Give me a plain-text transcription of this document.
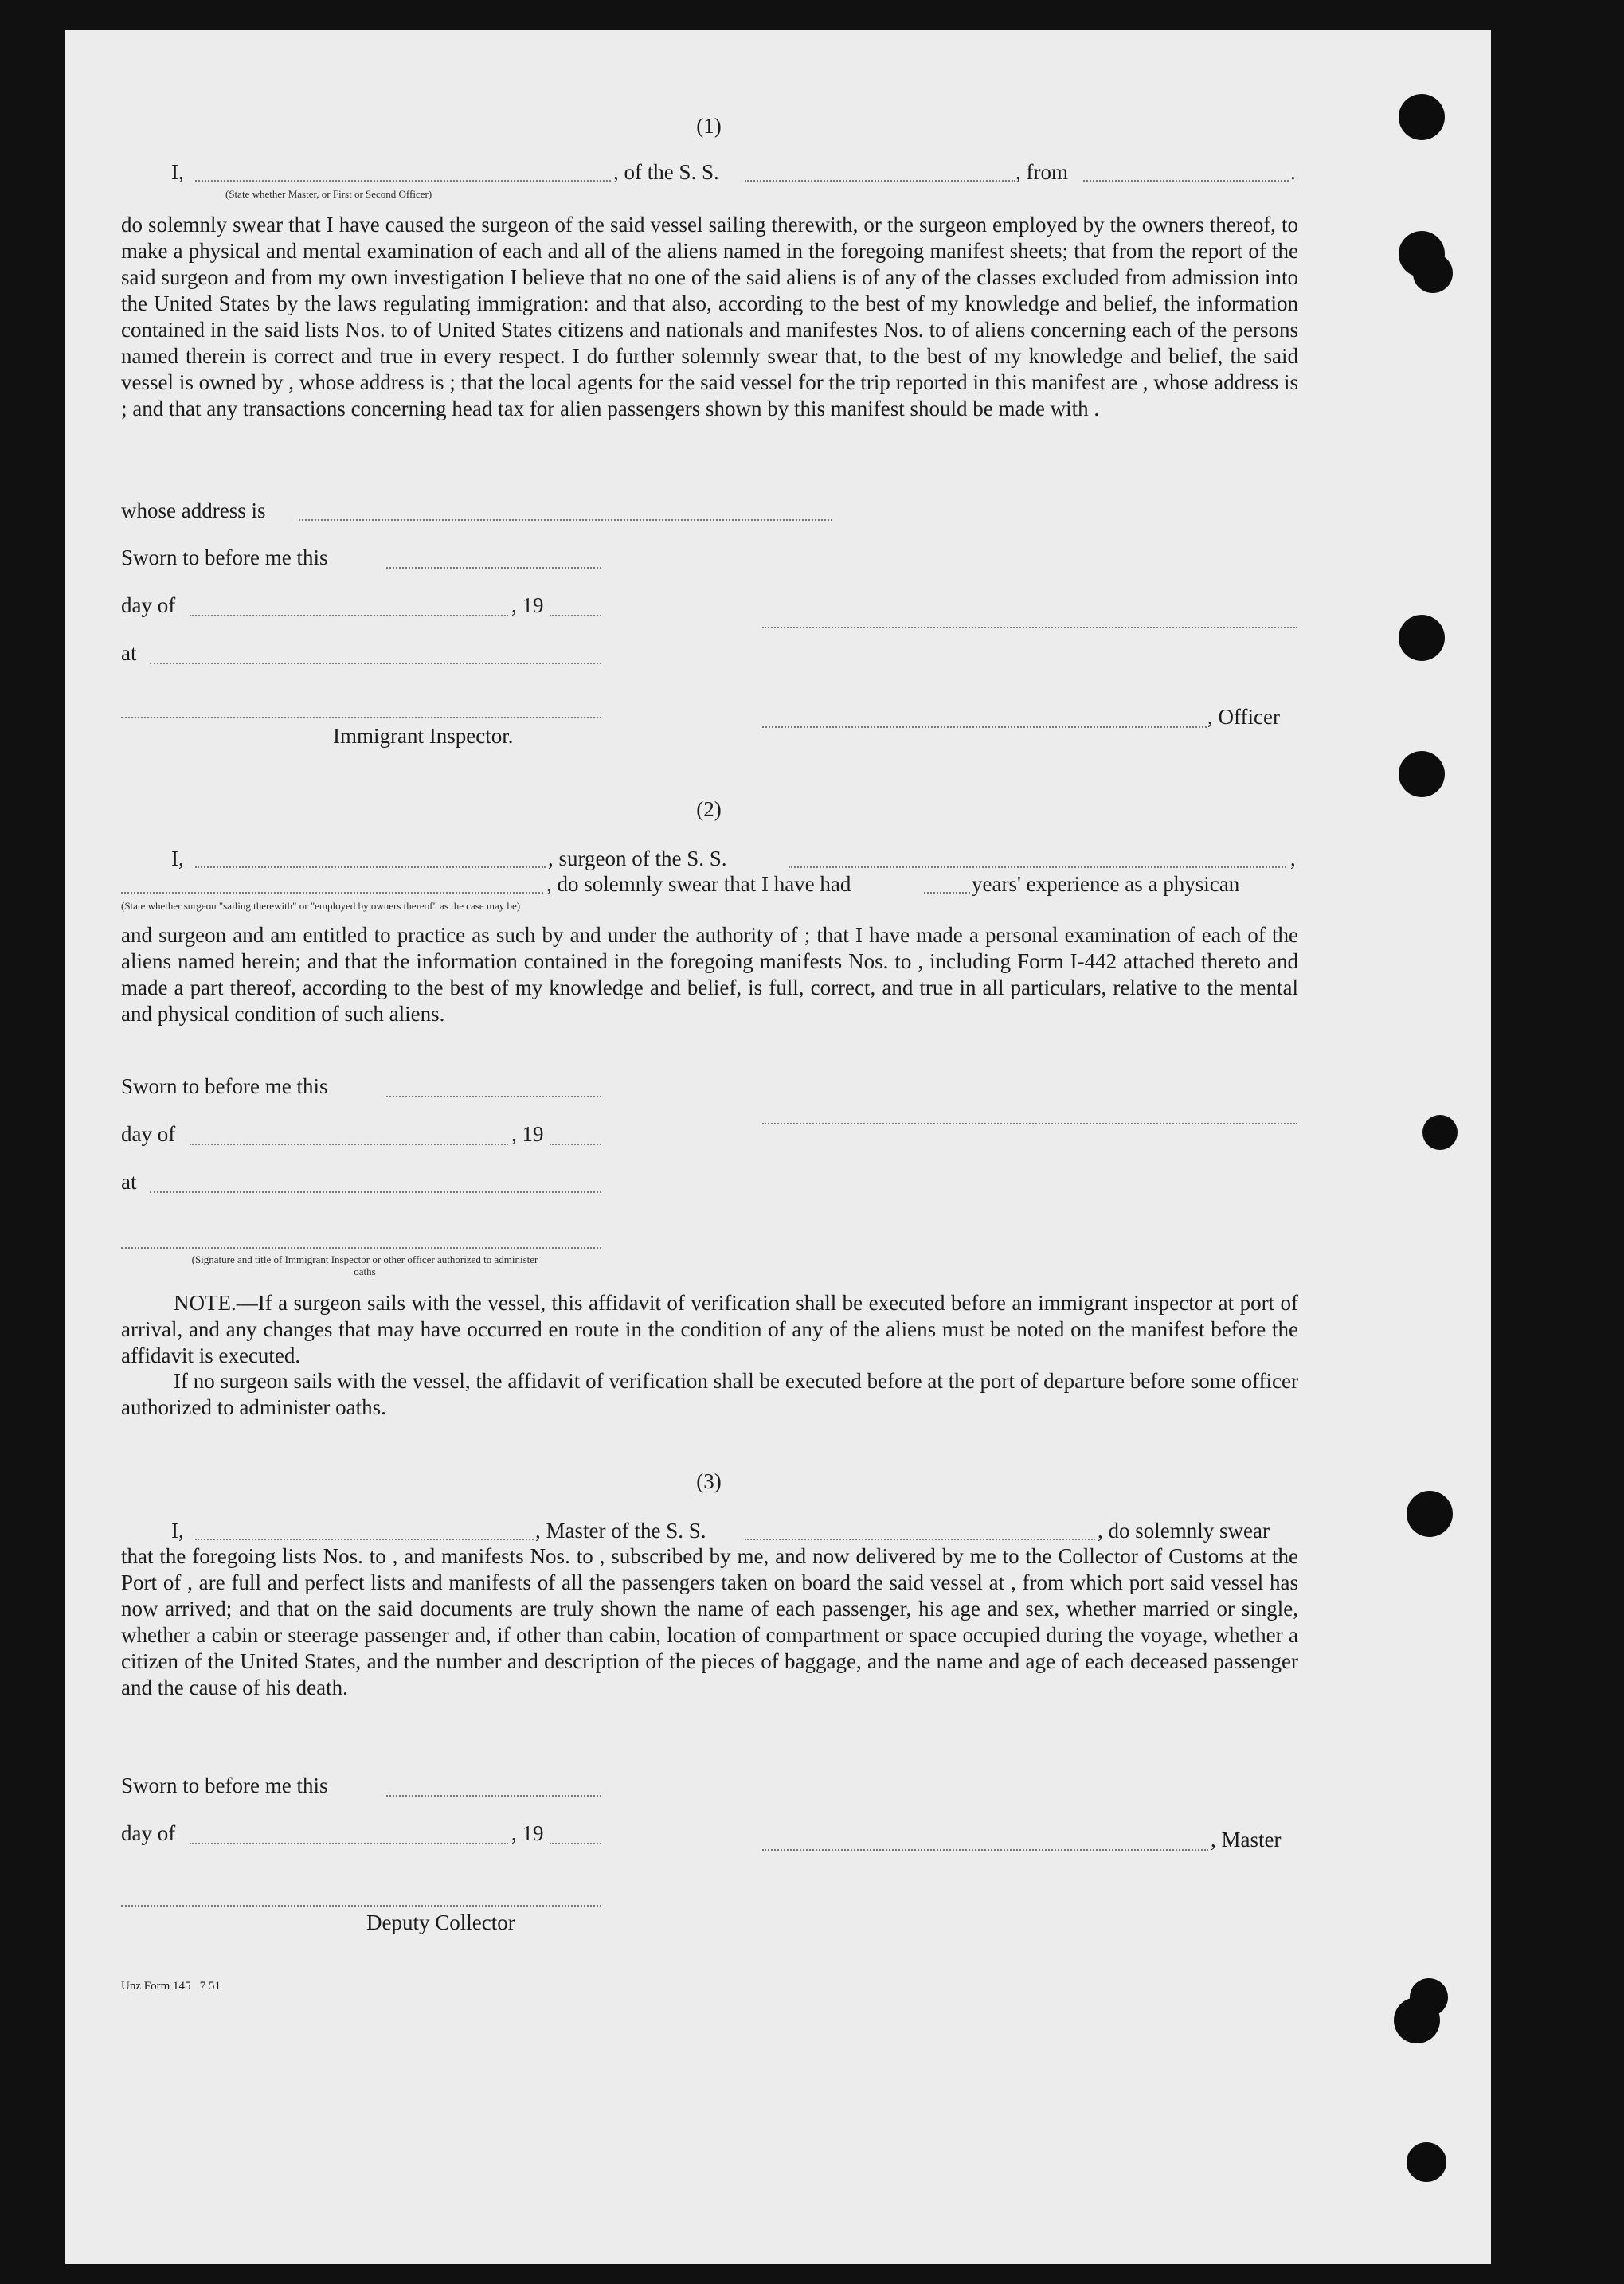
(1)
I,	, of the S. S.	, from	.
(State whether Master, or First or Second Officer)
do solemnly swear that I have caused the surgeon of the said vessel sailing therewith, or the surgeon employed by the owners thereof, to make a physical and mental examination of each and all of the aliens named in the foregoing manifest sheets; that from the report of the said surgeon and from my own investigation I believe that no one of the said aliens is of any of the classes excluded from admission into the United States by the laws regulating immigration: and that also, according to the best of my knowledge and belief, the information contained in the said lists Nos. to of United States citizens and nationals and manifestes Nos. to of aliens concerning each of the persons named therein is correct and true in every respect. I do further solemnly swear that, to the best of my knowledge and belief, the said vessel is owned by , whose address is ; that the local agents for the said vessel for the trip reported in this manifest are , whose address is ; and that any transactions concerning head tax for alien passengers shown by this manifest should be made with .
whose address is
Sworn to before me this
day of	, 19
at
, Officer
Immigrant Inspector.
(2)
I,	, surgeon of the S. S.	,
, do solemnly swear that I have had	years' experience as a physican
(State whether surgeon "sailing therewith" or "employed by owners thereof" as the case may be)
and surgeon and am entitled to practice as such by and under the authority of ; that I have made a personal examination of each of the aliens named herein; and that the information contained in the foregoing manifests Nos. to , including Form I-442 attached thereto and made a part thereof, according to the best of my knowledge and belief, is full, correct, and true in all particulars, relative to the mental and physical condition of such aliens.
Sworn to before me this
day of	, 19
at
(Signature and title of Immigrant Inspector or other officer authorized to administer oaths
NOTE.—If a surgeon sails with the vessel, this affidavit of verification shall be executed before an immigrant inspector at port of arrival, and any changes that may have occurred en route in the condition of any of the aliens must be noted on the manifest before the affidavit is executed.
If no surgeon sails with the vessel, the affidavit of verification shall be executed before at the port of departure before some officer authorized to administer oaths.
(3)
I,	, Master of the S. S.	, do solemnly swear
that the foregoing lists Nos. to , and manifests Nos. to , subscribed by me, and now delivered by me to the Collector of Customs at the Port of , are full and perfect lists and manifests of all the passengers taken on board the said vessel at , from which port said vessel has now arrived; and that on the said documents are truly shown the name of each passenger, his age and sex, whether married or single, whether a cabin or steerage passenger and, if other than cabin, location of compartment or space occupied during the voyage, whether a citizen of the United States, and the number and description of the pieces of baggage, and the name and age of each deceased passenger and the cause of his death.
Sworn to before me this
day of	, 19	, Master
Deputy Collector
Unz Form 145   7 51
